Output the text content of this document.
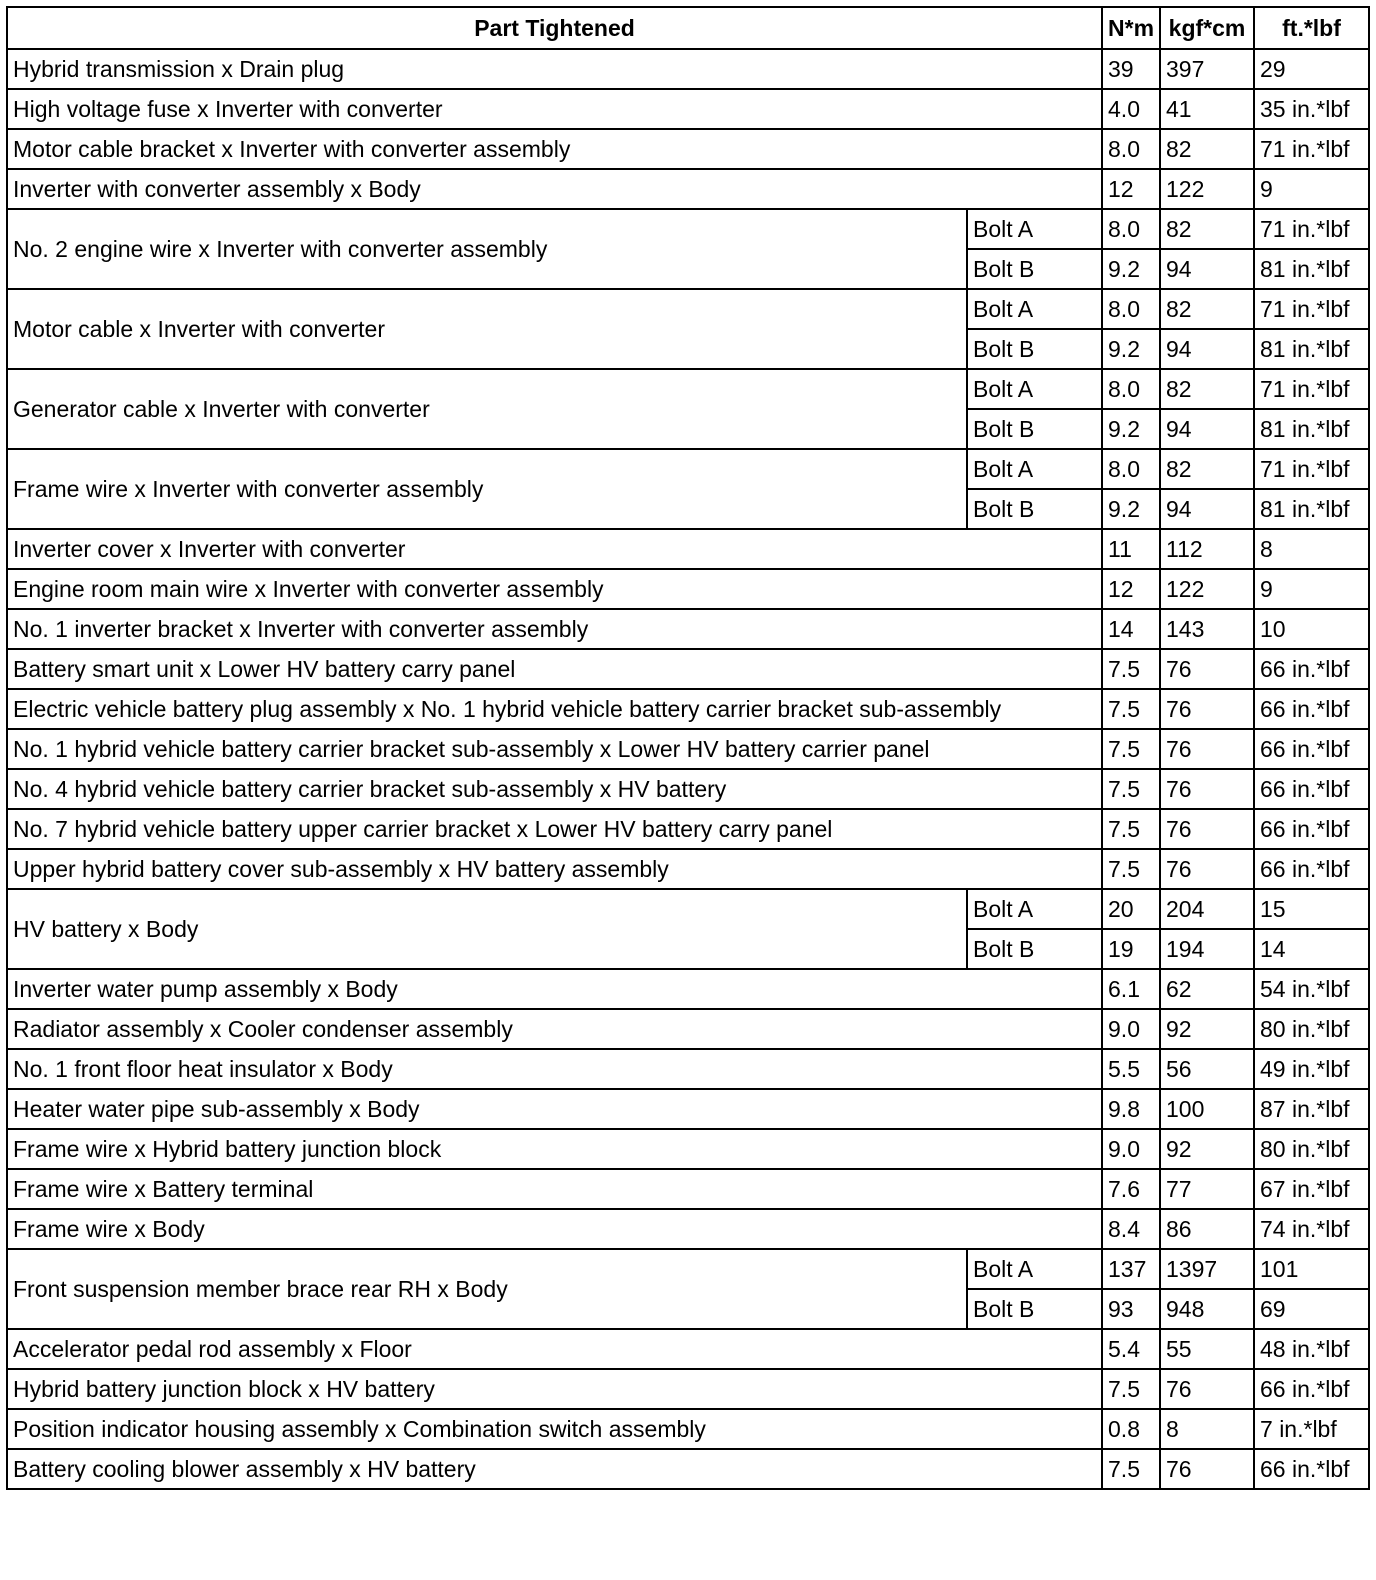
Part Tightened		N*m	kgf*cm	ft.*lbf
Hybrid transmission x Drain plug		39	397	29
High voltage fuse x Inverter with converter		4.0	41	35 in.*lbf
Motor cable bracket x Inverter with converter assembly		8.0	82	71 in.*lbf
Inverter with converter assembly x Body		12	122	9
No. 2 engine wire x Inverter with converter assembly	Bolt A	8.0	82	71 in.*lbf
	Bolt B	9.2	94	81 in.*lbf
Motor cable x Inverter with converter	Bolt A	8.0	82	71 in.*lbf
	Bolt B	9.2	94	81 in.*lbf
Generator cable x Inverter with converter	Bolt A	8.0	82	71 in.*lbf
	Bolt B	9.2	94	81 in.*lbf
Frame wire x Inverter with converter assembly	Bolt A	8.0	82	71 in.*lbf
	Bolt B	9.2	94	81 in.*lbf
Inverter cover x Inverter with converter		11	112	8
Engine room main wire x Inverter with converter assembly		12	122	9
No. 1 inverter bracket x Inverter with converter assembly		14	143	10
Battery smart unit x Lower HV battery carry panel		7.5	76	66 in.*lbf
Electric vehicle battery plug assembly x No. 1 hybrid vehicle battery carrier bracket sub-assembly		7.5	76	66 in.*lbf
No. 1 hybrid vehicle battery carrier bracket sub-assembly x Lower HV battery carrier panel		7.5	76	66 in.*lbf
No. 4 hybrid vehicle battery carrier bracket sub-assembly x HV battery		7.5	76	66 in.*lbf
No. 7 hybrid vehicle battery upper carrier bracket x Lower HV battery carry panel		7.5	76	66 in.*lbf
Upper hybrid battery cover sub-assembly x HV battery assembly		7.5	76	66 in.*lbf
HV battery x Body	Bolt A	20	204	15
	Bolt B	19	194	14
Inverter water pump assembly x Body		6.1	62	54 in.*lbf
Radiator assembly x Cooler condenser assembly		9.0	92	80 in.*lbf
No. 1 front floor heat insulator x Body		5.5	56	49 in.*lbf
Heater water pipe sub-assembly x Body		9.8	100	87 in.*lbf
Frame wire x Hybrid battery junction block		9.0	92	80 in.*lbf
Frame wire x Battery terminal		7.6	77	67 in.*lbf
Frame wire x Body		8.4	86	74 in.*lbf
Front suspension member brace rear RH x Body	Bolt A	137	1397	101
	Bolt B	93	948	69
Accelerator pedal rod assembly x Floor		5.4	55	48 in.*lbf
Hybrid battery junction block x HV battery		7.5	76	66 in.*lbf
Position indicator housing assembly x Combination switch assembly		0.8	8	7 in.*lbf
Battery cooling blower assembly x HV battery		7.5	76	66 in.*lbf
